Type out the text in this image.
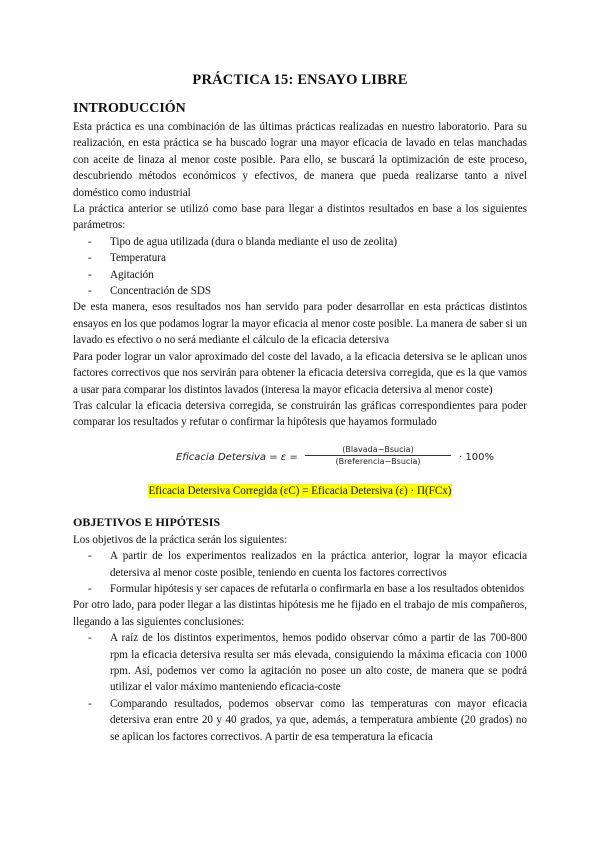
PRÁCTICA 15: ENSAYO LIBRE
INTRODUCCIÓN

Esta práctica es una combinación de las últimas prácticas realizadas en nuestro laboratorio. Para su realización, en esta práctica se ha buscado lograr una mayor eficacia de lavado en telas manchadas con aceite de linaza al menor coste posible. Para ello, se buscará la optimización de este proceso, descubriendo métodos económicos y efectivos, de manera que pueda realizarse tanto a nivel doméstico como industrial

La práctica anterior se utilizó como base para llegar a distintos resultados en base a los siguientes parámetros:

- Tipo de agua utilizada (dura o blanda mediante el uso de zeolita)
- Temperatura
- Agitación
- Concentración de SDS

De esta manera, esos resultados nos han servido para poder desarrollar en esta prácticas distintos ensayos en los que podamos lograr la mayor eficacia al menor coste posible. La manera de saber si un lavado es efectivo o no será mediante el cálculo de la eficacia detersiva

Para poder lograr un valor aproximado del coste del lavado, a la eficacia detersiva se le aplican unos factores correctivos que nos servirán para obtener la eficacia detersiva corregida, que es la que vamos a usar para comparar los distintos lavados (interesa la mayor eficacia detersiva al menor coste)

Tras calcular la eficacia detersiva corregida, se construirán las gráficas correspondientes para poder comparar los resultados y refutar o confirmar la hipótesis que hayamos formulado

Eficacia Detersiva = ε =
(Blavada−Bsucia)
(Breferencia−Bsucia)	· 100%
Eficacia Detersiva Corregida (εC) = Eficacia Detersiva (ε) · Π(FCx)
OBJETIVOS E HIPÓTESIS

Los objetivos de la práctica serán los siguientes:

- A partir de los experimentos realizados en la práctica anterior, lograr la mayor eficacia detersiva al menor coste posible, teniendo en cuenta los factores correctivos
- Formular hipótesis y ser capaces de refutarla o confirmarla en base a los resultados obtenidos

Por otro lado, para poder llegar a las distintas hipótesis me he fijado en el trabajo de mis compañeros, llegando a las siguientes conclusiones:

- A raíz de los distintos experimentos, hemos podido observar cómo a partir de las 700-800 rpm la eficacia detersiva resulta ser más elevada, consiguiendo la máxima eficacia con 1000 rpm. Así, podemos ver como la agitación no posee un alto coste, de manera que se podrá utilizar el valor máximo manteniendo eficacia-coste
- Comparando resultados, podemos observar como las temperaturas con mayor eficacia detersiva eran entre 20 y 40 grados, ya que, además, a temperatura ambiente (20 grados) no se aplican los factores correctivos. A partir de esa temperatura la eficacia
